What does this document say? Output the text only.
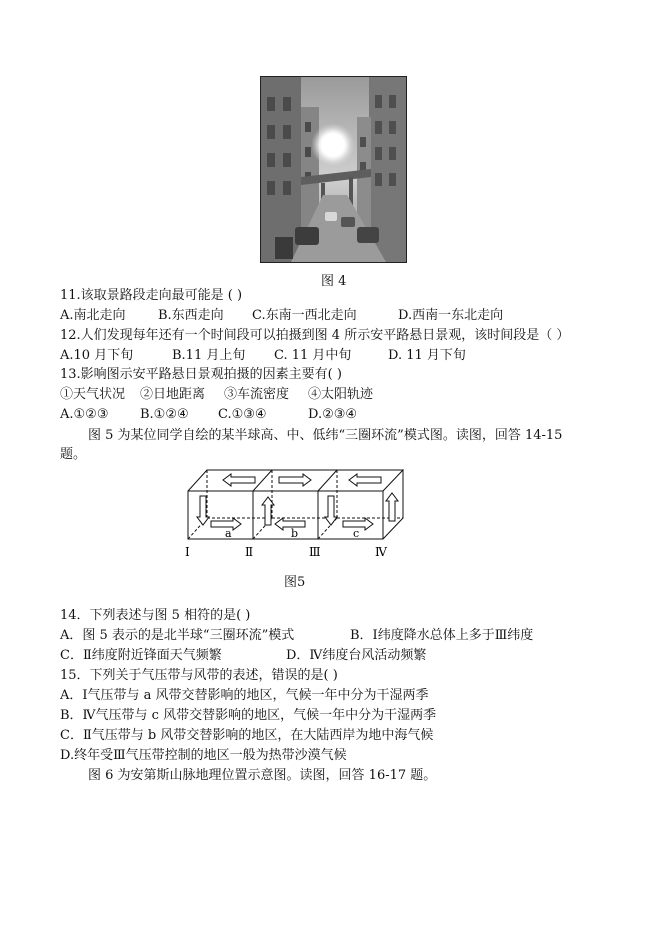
图 4
11.该取景路段走向最可能是 ( )
A.南北走向 B.东西走向 C.东南一西北走向	D.西南一东北走向
12.人们发现每年还有一个时间段可以拍摄到图 4 所示安平路悬日景观，该时间段是（ ）
A.10 月下旬	B.11 月上旬 C. 11 月中旬	D. 11 月下旬
13.影响图示安平路悬日景观拍摄的因素主要有( )
①天气状况 ②日地距离 ③车流密度 ④太阳轨迹
A.①②③ B.①②④ C.①③④	D.②③④
图 5 为某位同学自绘的某半球高、中、低纬“三圈环流”模式图。读图，回答 14-15
题。
a	b	c
Ⅰ	Ⅱ	Ⅲ	Ⅳ
图5
14．下列表述与图 5 相符的是( )
A．图 5 表示的是北半球“三圈环流”模式	B．Ⅰ纬度降水总体上多于Ⅲ纬度
C．Ⅱ纬度附近锋面天气频繁	D．Ⅳ纬度台风活动频繁
15．下列关于气压带与风带的表述，错误的是( )
A．Ⅰ气压带与 a 风带交替影响的地区，气候一年中分为干湿两季
B．Ⅳ气压带与 c 风带交替影响的地区，气候一年中分为干湿两季
C．Ⅱ气压带与 b 风带交替影响的地区，在大陆西岸为地中海气候
D.终年受Ⅲ气压带控制的地区一般为热带沙漠气候
图 6 为安第斯山脉地理位置示意图。读图，回答 16-17 题。
